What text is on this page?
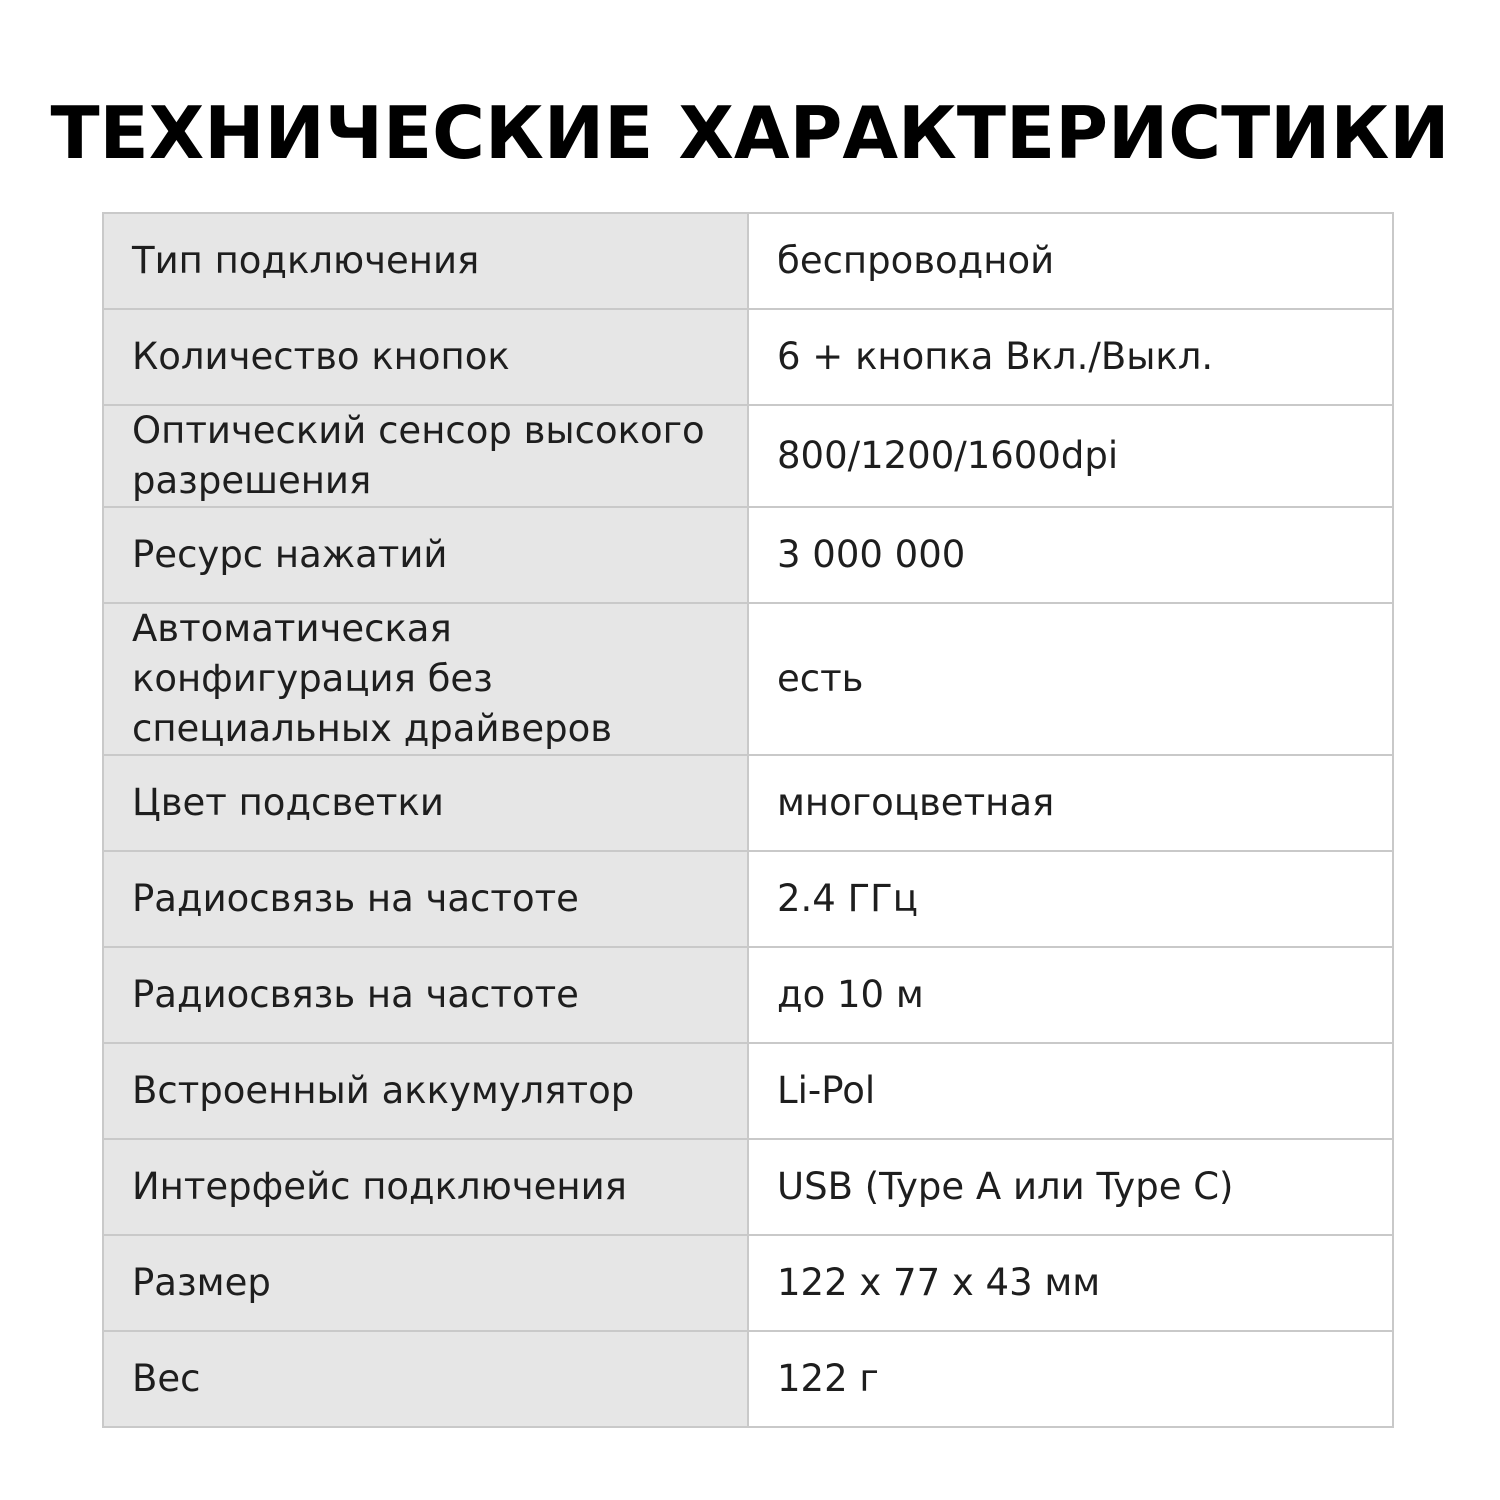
ТЕХНИЧЕСКИЕ ХАРАКТЕРИСТИКИ
Тип подключения	беспроводной
Количество кнопок	6 + кнопка Вкл./Выкл.
Оптический сенсор высокого разрешения	800/1200/1600dpi
Ресурс нажатий	3 000 000
Автоматическая конфигурация без специальных драйверов	есть
Цвет подсветки	многоцветная
Радиосвязь на частоте	2.4 ГГц
Радиосвязь на частоте	до 10 м
Встроенный аккумулятор	Li-Pol
Интерфейс подключения	USB (Type A или Type C)
Размер	122 x 77 x 43 мм
Вес	122 г
